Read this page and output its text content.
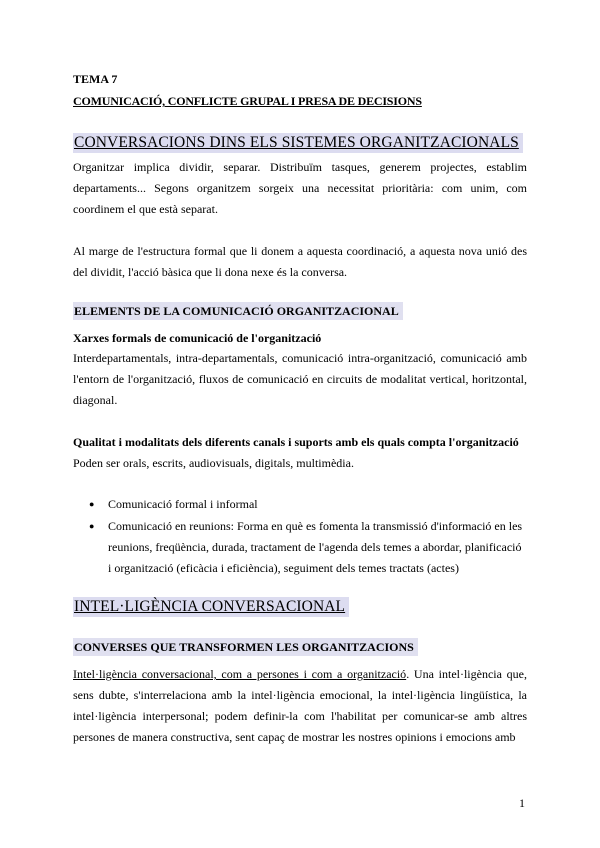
TEMA 7
COMUNICACIÓ, CONFLICTE GRUPAL I PRESA DE DECISIONS
CONVERSACIONS DINS ELS SISTEMES ORGANITZACIONALS
Organitzar implica dividir, separar. Distribuïm tasques, generem projectes, establim departaments... Segons organitzem sorgeix una necessitat prioritària: com unim, com coordinem el que està separat.
Al marge de l'estructura formal que li donem a aquesta coordinació, a aquesta nova unió des del dividit, l'acció bàsica que li dona nexe és la conversa.
ELEMENTS DE LA COMUNICACIÓ ORGANITZACIONAL
Xarxes formals de comunicació de l'organització
Interdepartamentals, intra-departamentals, comunicació intra-organització, comunicació amb l'entorn de l'organització, fluxos de comunicació en circuits de modalitat vertical, horitzontal, diagonal.
Qualitat i modalitats dels diferents canals i suports amb els quals compta l'organització
Poden ser orals, escrits, audiovisuals, digitals, multimèdia.
● Comunicació formal i informal
● Comunicació en reunions: Forma en què es fomenta la transmissió d'informació en les reunions, freqüència, durada, tractament de l'agenda dels temes a abordar, planificació i organització (eficàcia i eficiència), seguiment dels temes tractats (actes)
INTEL·LIGÈNCIA CONVERSACIONAL
CONVERSES QUE TRANSFORMEN LES ORGANITZACIONS
Intel·ligència conversacional, com a persones i com a organització. Una intel·ligència que, sens dubte, s'interrelaciona amb la intel·ligència emocional, la intel·ligència lingüística, la intel·ligència interpersonal; podem definir-la com l'habilitat per comunicar-se amb altres persones de manera constructiva, sent capaç de mostrar les nostres opinions i emocions amb
1
